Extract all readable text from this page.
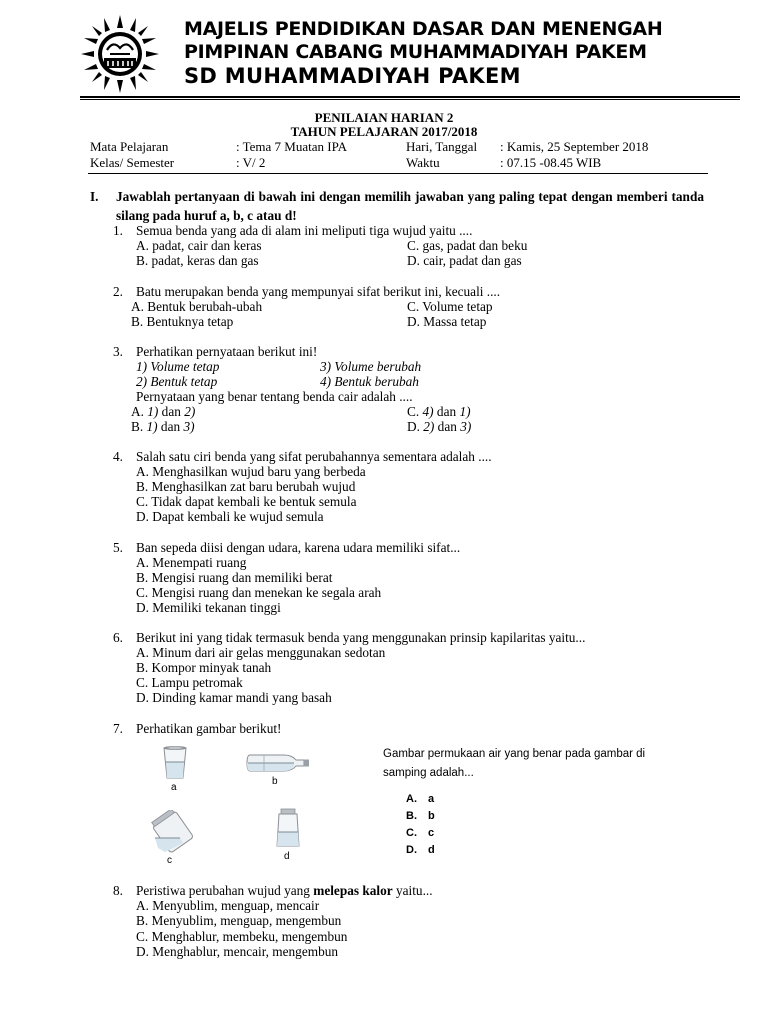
MAJELIS PENDIDIKAN DASAR DAN MENENGAH
PIMPINAN CABANG MUHAMMADIYAH PAKEM
SD MUHAMMADIYAH PAKEM
PENILAIAN HARIAN 2
TAHUN PELAJARAN 2017/2018
Mata Pelajaran	: Tema 7 Muatan IPA	Hari, Tanggal : Kamis, 25 September 2018
Kelas/ Semester	: V/ 2	Waktu	: 07.15 -08.45 WIB
I. Jawablah pertanyaan di bawah ini dengan memilih jawaban yang paling tepat dengan memberi tanda silang pada huruf a, b, c atau d!
1. Semua benda yang ada di alam ini meliputi tiga wujud yaitu ....
A. padat, cair dan keras
B. padat, keras dan gas
C. gas, padat dan beku
D. cair, padat dan gas
2. Batu merupakan benda yang mempunyai sifat berikut ini, kecuali ....
A. Bentuk berubah-ubah
B. Bentuknya tetap
C. Volume tetap
D. Massa tetap
3. Perhatikan pernyataan berikut ini!
1) Volume tetap
2) Bentuk tetap
3) Volume berubah
4) Bentuk berubah
Pernyataan yang benar tentang benda cair adalah ....
A. 1) dan 2)
B. 1) dan 3)
C. 4) dan 1)
D. 2) dan 3)
4. Salah satu ciri benda yang sifat perubahannya sementara adalah ....
A. Menghasilkan wujud baru yang berbeda
B. Menghasilkan zat baru berubah wujud
C. Tidak dapat kembali ke bentuk semula
D. Dapat kembali ke wujud semula
5. Ban sepeda diisi dengan udara, karena udara memiliki sifat...
A. Menempati ruang
B. Mengisi ruang dan memiliki berat
C. Mengisi ruang dan menekan ke segala arah
D. Memiliki tekanan tinggi
6. Berikut ini yang tidak termasuk benda yang menggunakan prinsip kapilaritas yaitu...
A. Minum dari air gelas menggunakan sedotan
B. Kompor minyak tanah
C. Lampu petromak
D. Dinding kamar mandi yang basah
7. Perhatikan gambar berikut!
a
b
c	d
Gambar permukaan air yang benar pada gambar di
samping adalah...
A. a
B. b
C. c
D. d
8. Peristiwa perubahan wujud yang melepas kalor yaitu...
A. Menyublim, menguap, mencair
B. Menyublim, menguap, mengembun
C. Menghablur, membeku, mengembun
D. Menghablur, mencair, mengembun
